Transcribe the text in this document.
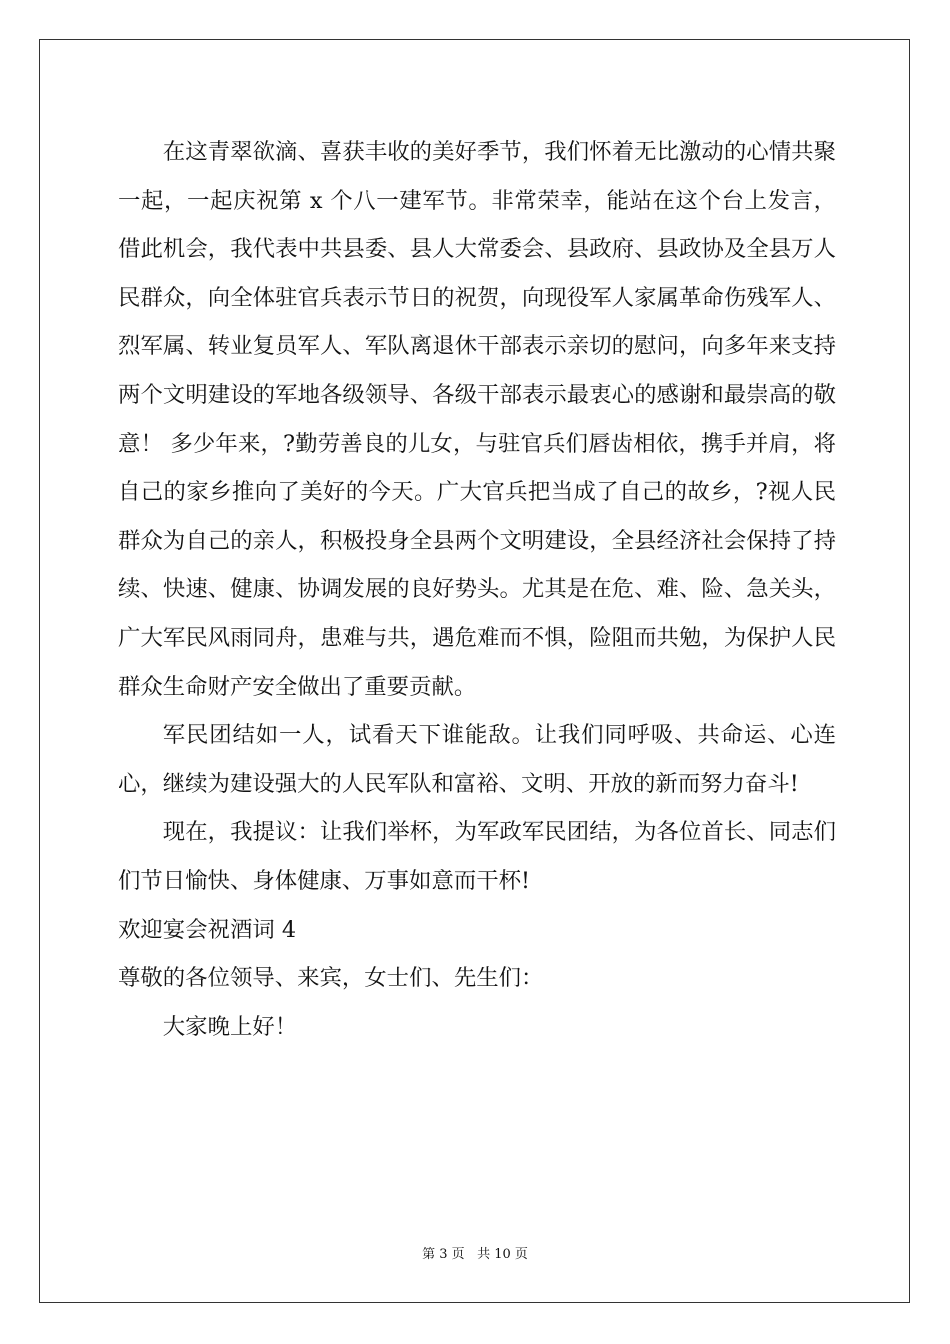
在这青翠欲滴、喜获丰收的美好季节，我们怀着无比激动的心情共聚一起，一起庆祝第 x 个八一建军节。非常荣幸，能站在这个台上发言，借此机会，我代表中共县委、县人大常委会、县政府、县政协及全县万人民群众，向全体驻官兵表示节日的祝贺，向现役军人家属革命伤残军人、烈军属、转业复员军人、军队离退休干部表示亲切的慰问，向多年来支持两个文明建设的军地各级领导、各级干部表示最衷心的感谢和最崇高的敬意！ 多少年来，?勤劳善良的儿女，与驻官兵们唇齿相依，携手并肩，将自己的家乡推向了美好的今天。广大官兵把当成了自己的故乡，?视人民群众为自己的亲人，积极投身全县两个文明建设，全县经济社会保持了持续、快速、健康、协调发展的良好势头。尤其是在危、难、险、急关头，广大军民风雨同舟，患难与共，遇危难而不惧，险阻而共勉，为保护人民群众生命财产安全做出了重要贡献。

军民团结如一人，试看天下谁能敌。让我们同呼吸、共命运、心连心，继续为建设强大的人民军队和富裕、文明、开放的新而努力奋斗!

现在，我提议：让我们举杯，为军政军民团结，为各位首长、同志们们节日愉快、身体健康、万事如意而干杯!

欢迎宴会祝酒词 4

尊敬的各位领导、来宾，女士们、先生们：

大家晚上好！

第 3 页 共 10 页
